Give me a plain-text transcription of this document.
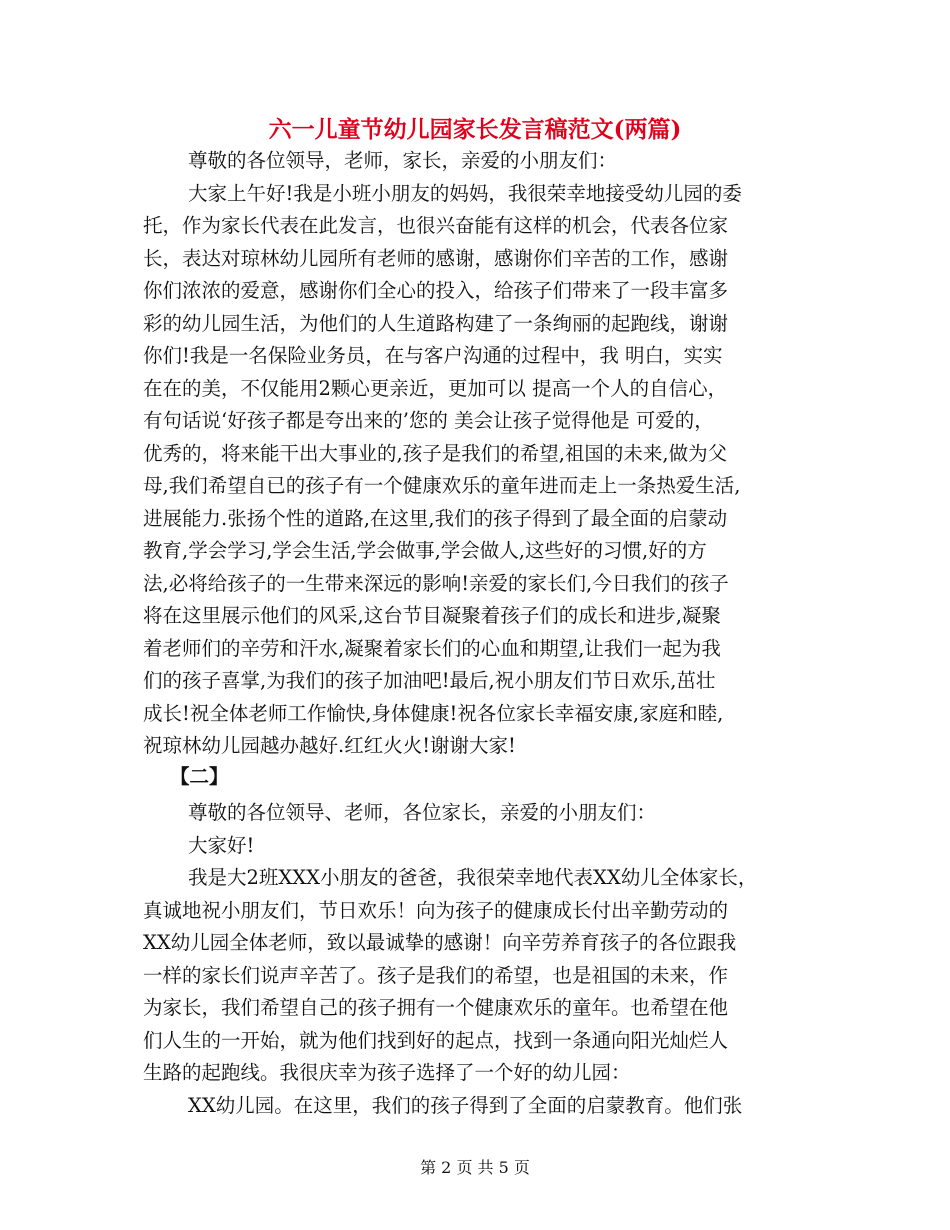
六一儿童节幼儿园家长发言稿范文(两篇)
尊敬的各位领导，老师，家长，亲爱的小朋友们：
大家上午好!我是小班小朋友的妈妈，我很荣幸地接受幼儿园的委
托，作为家长代表在此发言，也很兴奋能有这样的机会，代表各位家
长，表达对琼林幼儿园所有老师的感谢，感谢你们辛苦的工作，感谢
你们浓浓的爱意，感谢你们全心的投入，给孩子们带来了一段丰富多
彩的幼儿园生活，为他们的人生道路构建了一条绚丽的起跑线，谢谢
你们!我是一名保险业务员，在与客户沟通的过程中，我 明白，实实
在在的美，不仅能用2颗心更亲近，更加可以 提高一个人的自信心，
有句话说‘好孩子都是夸出来的’您的 美会让孩子觉得他是 可爱的，
优秀的，将来能干出大事业的,孩子是我们的希望,祖国的未来,做为父
母,我们希望自已的孩子有一个健康欢乐的童年进而走上一条热爱生活,
进展能力.张扬个性的道路,在这里,我们的孩子得到了最全面的启蒙动
教育,学会学习,学会生活,学会做事,学会做人,这些好的习惯,好的方
法,必将给孩子的一生带来深远的影响!亲爱的家长们,今日我们的孩子
将在这里展示他们的风采,这台节目凝聚着孩子们的成长和进步,凝聚
着老师们的辛劳和汗水,凝聚着家长们的心血和期望,让我们一起为我
们的孩子喜掌,为我们的孩子加油吧!最后,祝小朋友们节日欢乐,茁壮
成长!祝全体老师工作愉快,身体健康!祝各位家长幸福安康,家庭和睦,
祝琼林幼儿园越办越好.红红火火!谢谢大家!
【二】
尊敬的各位领导、老师，各位家长，亲爱的小朋友们：
大家好!
我是大2班XXX小朋友的爸爸，我很荣幸地代表XX幼儿全体家长，
真诚地祝小朋友们，节日欢乐！向为孩子的健康成长付出辛勤劳动的
XX幼儿园全体老师，致以最诚挚的感谢！向辛劳养育孩子的各位跟我
一样的家长们说声辛苦了。孩子是我们的希望，也是祖国的未来，作
为家长，我们希望自己的孩子拥有一个健康欢乐的童年。也希望在他
们人生的一开始，就为他们找到好的起点，找到一条通向阳光灿烂人
生路的起跑线。我很庆幸为孩子选择了一个好的幼儿园：
XX幼儿园。在这里，我们的孩子得到了全面的启蒙教育。他们张
第 2 页 共 5 页
